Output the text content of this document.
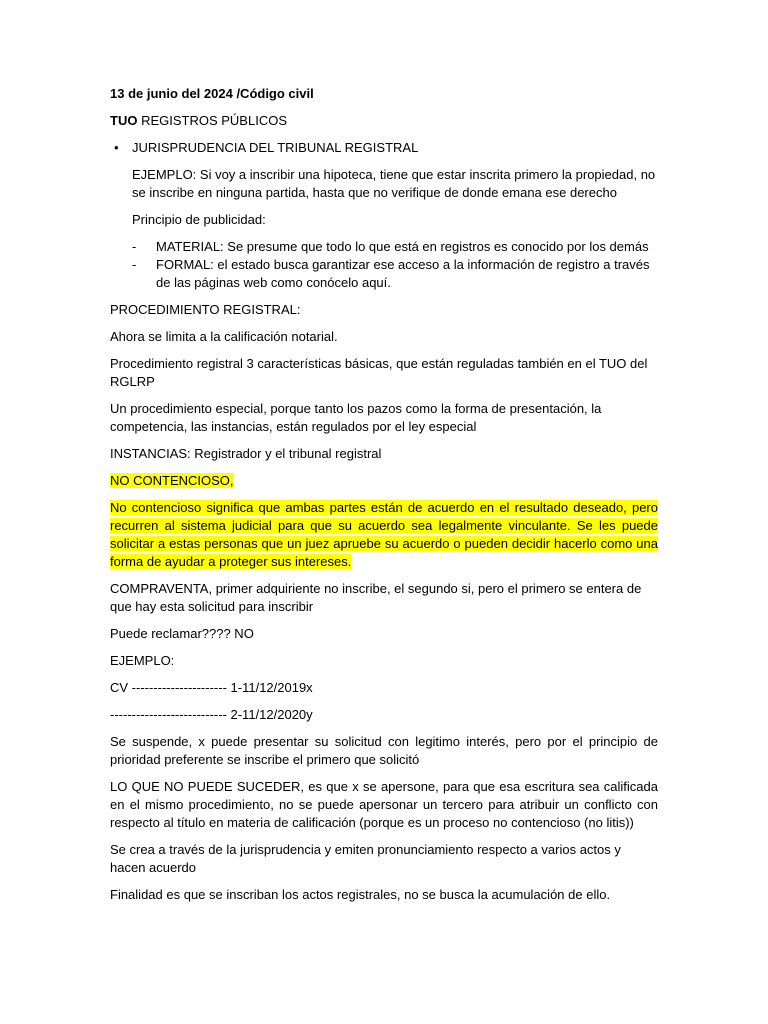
13 de junio del 2024 /Código civil

TUO REGISTROS PÚBLICOS

•	JURISPRUDENCIA DEL TRIBUNAL REGISTRAL

EJEMPLO: Si voy a inscribir una hipoteca, tiene que estar inscrita primero la propiedad, no se inscribe en ninguna partida, hasta que no verifique de donde emana ese derecho

Principio de publicidad:

-	MATERIAL: Se presume que todo lo que está en registros es conocido por los demás
-	FORMAL: el estado busca garantizar ese acceso a la información de registro a través de las páginas web como conócelo aquí.

PROCEDIMIENTO REGISTRAL:

Ahora se limita a la calificación notarial.

Procedimiento registral 3 características básicas, que están reguladas también en el TUO del RGLRP

Un procedimiento especial, porque tanto los pazos como la forma de presentación, la competencia, las instancias, están regulados por el ley especial

INSTANCIAS: Registrador y el tribunal registral

NO CONTENCIOSO,

No contencioso significa que ambas partes están de acuerdo en el resultado deseado, pero recurren al sistema judicial para que su acuerdo sea legalmente vinculante. Se les puede solicitar a estas personas que un juez apruebe su acuerdo o pueden decidir hacerlo como una forma de ayudar a proteger sus intereses.

COMPRAVENTA, primer adquiriente no inscribe, el segundo si, pero el primero se entera de que hay esta solicitud para inscribir

Puede reclamar???? NO

EJEMPLO:

CV ---------------------- 1-11/12/2019x

--------------------------- 2-11/12/2020y

Se suspende, x puede presentar su solicitud con legitimo interés, pero por el principio de prioridad preferente se inscribe el primero que solicitó

LO QUE NO PUEDE SUCEDER, es que x se apersone, para que esa escritura sea calificada en el mismo procedimiento, no se puede apersonar un tercero para atribuir un conflicto con respecto al título en materia de calificación (porque es un proceso no contencioso (no litis))

Se crea a través de la jurisprudencia y emiten pronunciamiento respecto a varios actos y hacen acuerdo

Finalidad es que se inscriban los actos registrales, no se busca la acumulación de ello.
